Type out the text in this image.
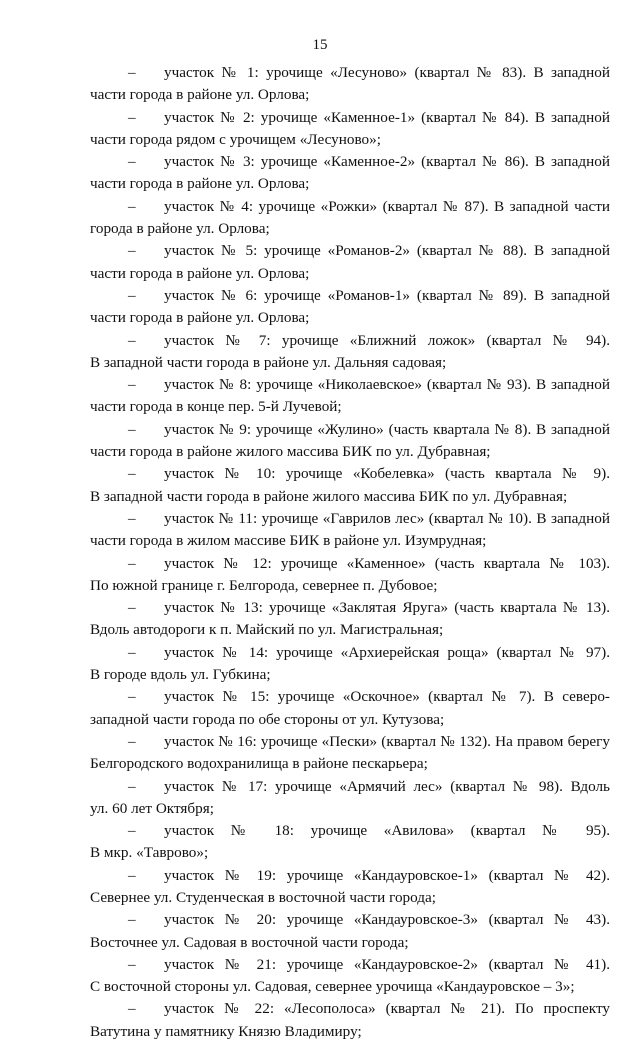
15
– участок № 1: урочище «Лесуново» (квартал № 83). В западной
части города в районе ул. Орлова;
– участок № 2: урочище «Каменное-1» (квартал № 84). В западной
части города рядом с урочищем «Лесуново»;
– участок № 3: урочище «Каменное-2» (квартал № 86). В западной
части города в районе ул. Орлова;
– участок № 4: урочище «Рожки» (квартал № 87). В западной части
города в районе ул. Орлова;
– участок № 5: урочище «Романов-2» (квартал № 88). В западной
части города в районе ул. Орлова;
– участок № 6: урочище «Романов-1» (квартал № 89). В западной
части города в районе ул. Орлова;
– участок № 7: урочище «Ближний ложок» (квартал № 94).
В западной части города в районе ул. Дальняя садовая;
– участок № 8: урочище «Николаевское» (квартал № 93). В западной
части города в конце пер. 5-й Лучевой;
– участок № 9: урочище «Жулино» (часть квартала № 8). В западной
части города в районе жилого массива БИК по ул. Дубравная;
– участок № 10: урочище «Кобелевка» (часть квартала № 9).
В западной части города в районе жилого массива БИК по ул. Дубравная;
– участок № 11: урочище «Гаврилов лес» (квартал № 10). В западной
части города в жилом массиве БИК в районе ул. Изумрудная;
– участок № 12: урочище «Каменное» (часть квартала № 103).
По южной границе г. Белгорода, севернее п. Дубовое;
– участок № 13: урочище «Заклятая Яруга» (часть квартала № 13).
Вдоль автодороги к п. Майский по ул. Магистральная;
– участок № 14: урочище «Архиерейская роща» (квартал № 97).
В городе вдоль ул. Губкина;
– участок № 15: урочище «Оскочное» (квартал № 7). В северо-
западной части города по обе стороны от ул. Кутузова;
– участок № 16: урочище «Пески» (квартал № 132). На правом берегу
Белгородского водохранилища в районе пескарьера;
– участок № 17: урочище «Армячий лес» (квартал № 98). Вдоль
ул. 60 лет Октября;
– участок № 18: урочище «Авилова» (квартал № 95).
В мкр. «Таврово»;
– участок № 19: урочище «Кандауровское-1» (квартал № 42).
Севернее ул. Студенческая в восточной части города;
– участок № 20: урочище «Кандауровское-3» (квартал № 43).
Восточнее ул. Садовая в восточной части города;
– участок № 21: урочище «Кандауровское-2» (квартал № 41).
С восточной стороны ул. Садовая, севернее урочища «Кандауровское – 3»;
– участок № 22: «Лесополоса» (квартал № 21). По проспекту
Ватутина у памятнику Князю Владимиру;
